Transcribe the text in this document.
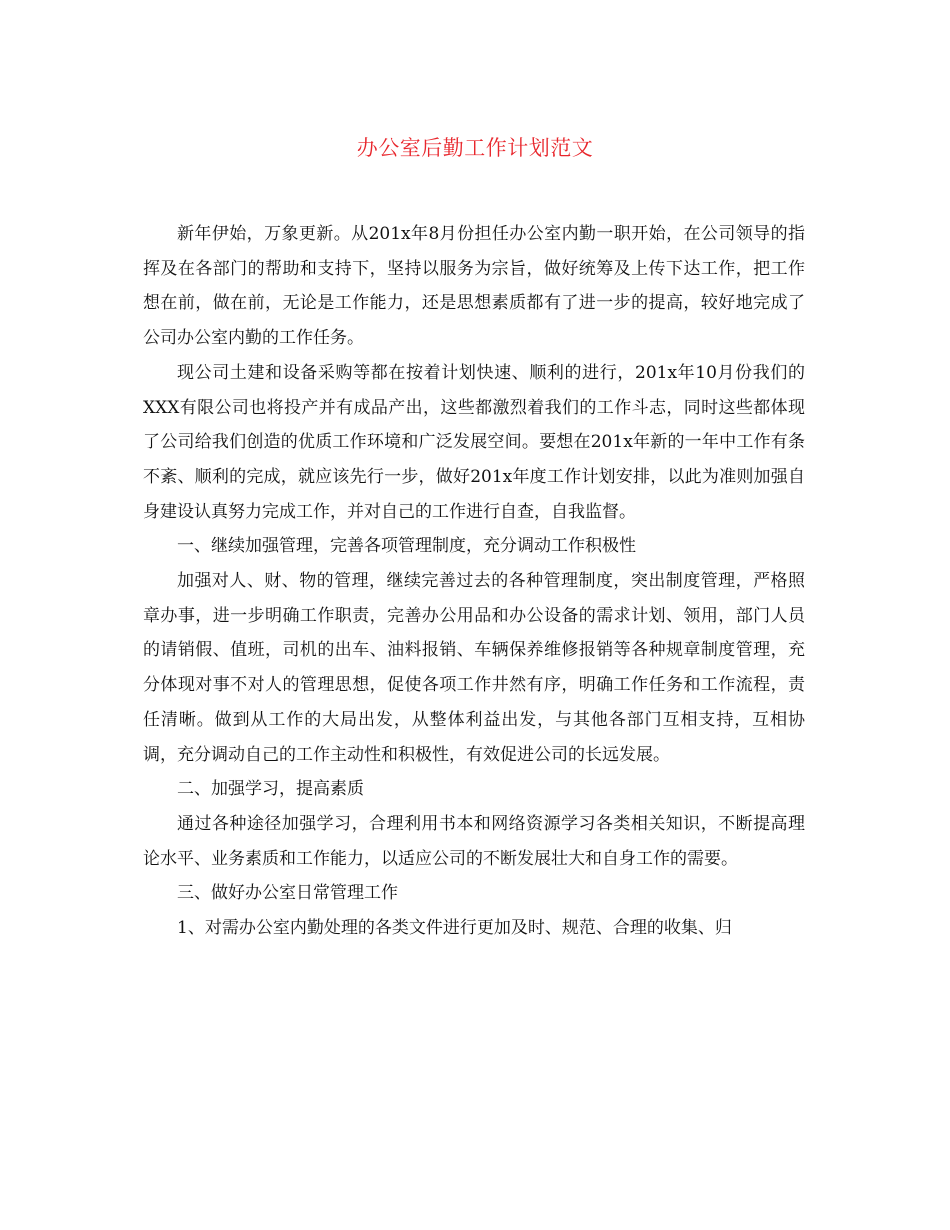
办公室后勤工作计划范文

新年伊始，万象更新。从201x年8月份担任办公室内勤一职开始，在公司领导的指挥及在各部门的帮助和支持下，坚持以服务为宗旨，做好统筹及上传下达工作，把工作想在前，做在前，无论是工作能力，还是思想素质都有了进一步的提高，较好地完成了公司办公室内勤的工作任务。

现公司土建和设备采购等都在按着计划快速、顺利的进行，201x年10月份我们的XXX有限公司也将投产并有成品产出，这些都激烈着我们的工作斗志，同时这些都体现了公司给我们创造的优质工作环境和广泛发展空间。要想在201x年新的一年中工作有条不紊、顺利的完成，就应该先行一步，做好201x年度工作计划安排，以此为准则加强自身建设认真努力完成工作，并对自己的工作进行自查，自我监督。

一、继续加强管理，完善各项管理制度，充分调动工作积极性

加强对人、财、物的管理，继续完善过去的各种管理制度，突出制度管理，严格照章办事，进一步明确工作职责，完善办公用品和办公设备的需求计划、领用，部门人员的请销假、值班，司机的出车、油料报销、车辆保养维修报销等各种规章制度管理，充分体现对事不对人的管理思想，促使各项工作井然有序，明确工作任务和工作流程，责任清晰。做到从工作的大局出发，从整体利益出发，与其他各部门互相支持，互相协调，充分调动自己的工作主动性和积极性，有效促进公司的长远发展。

二、加强学习，提高素质

通过各种途径加强学习，合理利用书本和网络资源学习各类相关知识，不断提高理论水平、业务素质和工作能力，以适应公司的不断发展壮大和自身工作的需要。

三、做好办公室日常管理工作

1、对需办公室内勤处理的各类文件进行更加及时、规范、合理的收集、归
